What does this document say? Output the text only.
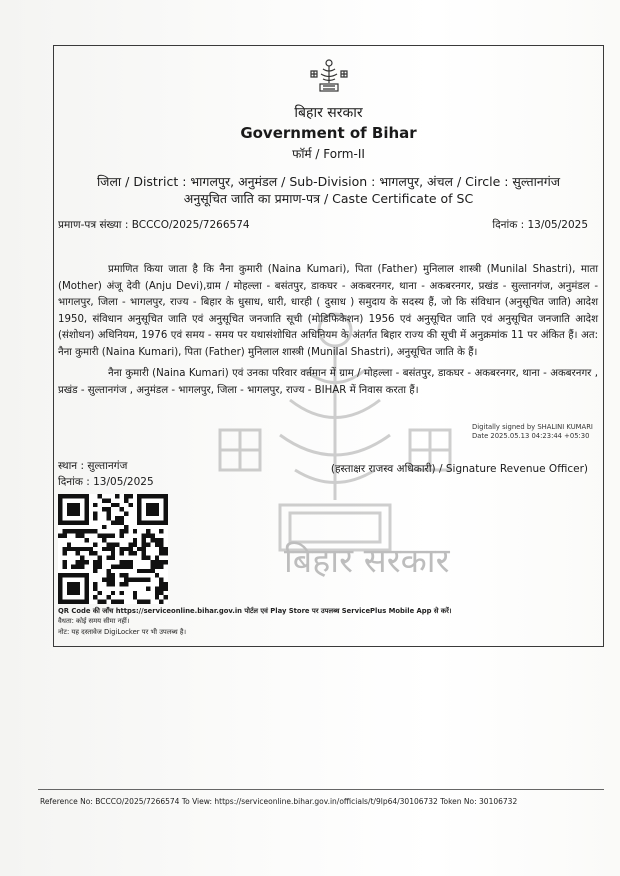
बिहार सरकार
बिहार सरकार
Government of Bihar
फॉर्म / Form-II
जिला / District : भागलपुर, अनुमंडल / Sub-Division : भागलपुर, अंचल / Circle : सुल्तानगंज
अनुसूचित जाति का प्रमाण-पत्र / Caste Certificate of SC
प्रमाण-पत्र संख्या : BCCCO/2025/7266574	दिनांक : 13/05/2025
प्रमाणित किया जाता है कि नैना कुमारी (Naina Kumari), पिता (Father) मुनिलाल शास्त्री (Munilal Shastri), माता (Mother) अंजू देवी (Anju Devi),ग्राम / मोहल्ला - बसंतपुर, डाकघर - अकबरनगर, थाना - अकबरनगर, प्रखंड - सुल्तानगंज, अनुमंडल - भागलपुर, जिला - भागलपुर, राज्य - बिहार के धुसाध, धारी, धारही ( दुसाध ) समुदाय के सदस्य हैं, जो कि संविधान (अनुसूचित जाति) आदेश 1950, संविधान अनुसूचित जाति एवं अनुसूचित जनजाति सूची (मोडिफिकेशन) 1956 एवं अनुसूचित जाति एवं अनुसूचित जनजाति आदेश (संशोधन) अधिनियम, 1976 एवं समय - समय पर यथासंशोधित अधिनियम के अंतर्गत बिहार राज्य की सूची में अनुक्रमांक 11 पर अंकित हैं। अत: नैना कुमारी (Naina Kumari), पिता (Father) मुनिलाल शास्त्री (Munilal Shastri), अनुसूचित जाति के हैं।
नैना कुमारी (Naina Kumari) एवं उनका परिवार वर्तमान में ग्राम / मोहल्ला - बसंतपुर, डाकघर - अकबरनगर, थाना - अकबरनगर , प्रखंड - सुल्तानगंज , अनुमंडल - भागलपुर, जिला - भागलपुर, राज्य - BIHAR में निवास करता हैं।
Digitally signed by SHALINI KUMARI
Date 2025.05.13 04:23:44 +05:30
स्थान : सुल्तानगंज
दिनांक : 13/05/2025
(हस्ताक्षर राजस्व अधिकारी) / Signature Revenue Officer)
QR Code की जाँच https://serviceonline.bihar.gov.in पोर्टल एवं Play Store पर उपलब्ध ServicePlus Mobile App से करें।
वैधता: कोई समय सीमा नहीं।
नोट: यह दस्तावेज DigiLocker पर भी उपलब्ध है।
Reference No: BCCCO/2025/7266574 To View: https://serviceonline.bihar.gov.in/officials/t/9lp64/30106732 Token No: 30106732
